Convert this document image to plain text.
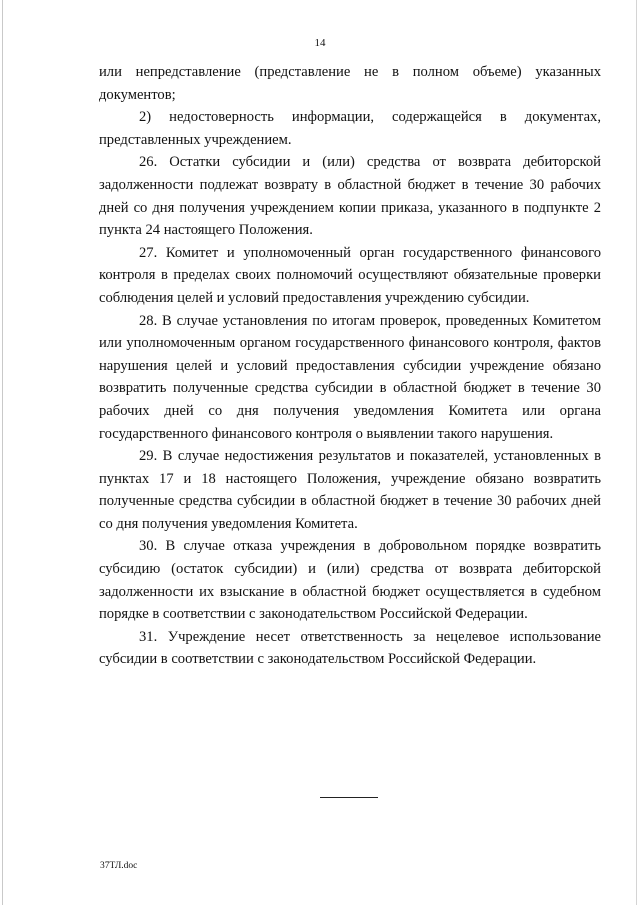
14

или непредставление (представление не в полном объеме) указанных документов;

2) недостоверность информации, содержащейся в документах, представленных учреждением.

26. Остатки субсидии и (или) средства от возврата дебиторской задолженности подлежат возврату в областной бюджет в течение 30 рабочих дней со дня получения учреждением копии приказа, указанного в подпункте 2 пункта 24 настоящего Положения.

27. Комитет и уполномоченный орган государственного финансового контроля в пределах своих полномочий осуществляют обязательные проверки соблюдения целей и условий предоставления учреждению субсидии.

28. В случае установления по итогам проверок, проведенных Комитетом или уполномоченным органом государственного финансового контроля, фактов нарушения целей и условий предоставления субсидии учреждение обязано возвратить полученные средства субсидии в областной бюджет в течение 30 рабочих дней со дня получения уведомления Комитета или органа государственного финансового контроля о выявлении такого нарушения.

29. В случае недостижения результатов и показателей, установленных в пунктах 17 и 18 настоящего Положения, учреждение обязано возвратить полученные средства субсидии в областной бюджет в течение 30 рабочих дней со дня получения уведомления Комитета.

30. В случае отказа учреждения в добровольном порядке возвратить субсидию (остаток субсидии) и (или) средства от возврата дебиторской задолженности их взыскание в областной бюджет осуществляется в судебном порядке в соответствии с законодательством Российской Федерации.

31. Учреждение несет ответственность за нецелевое использование субсидии в соответствии с законодательством Российской Федерации.

37ТЛ.doc
